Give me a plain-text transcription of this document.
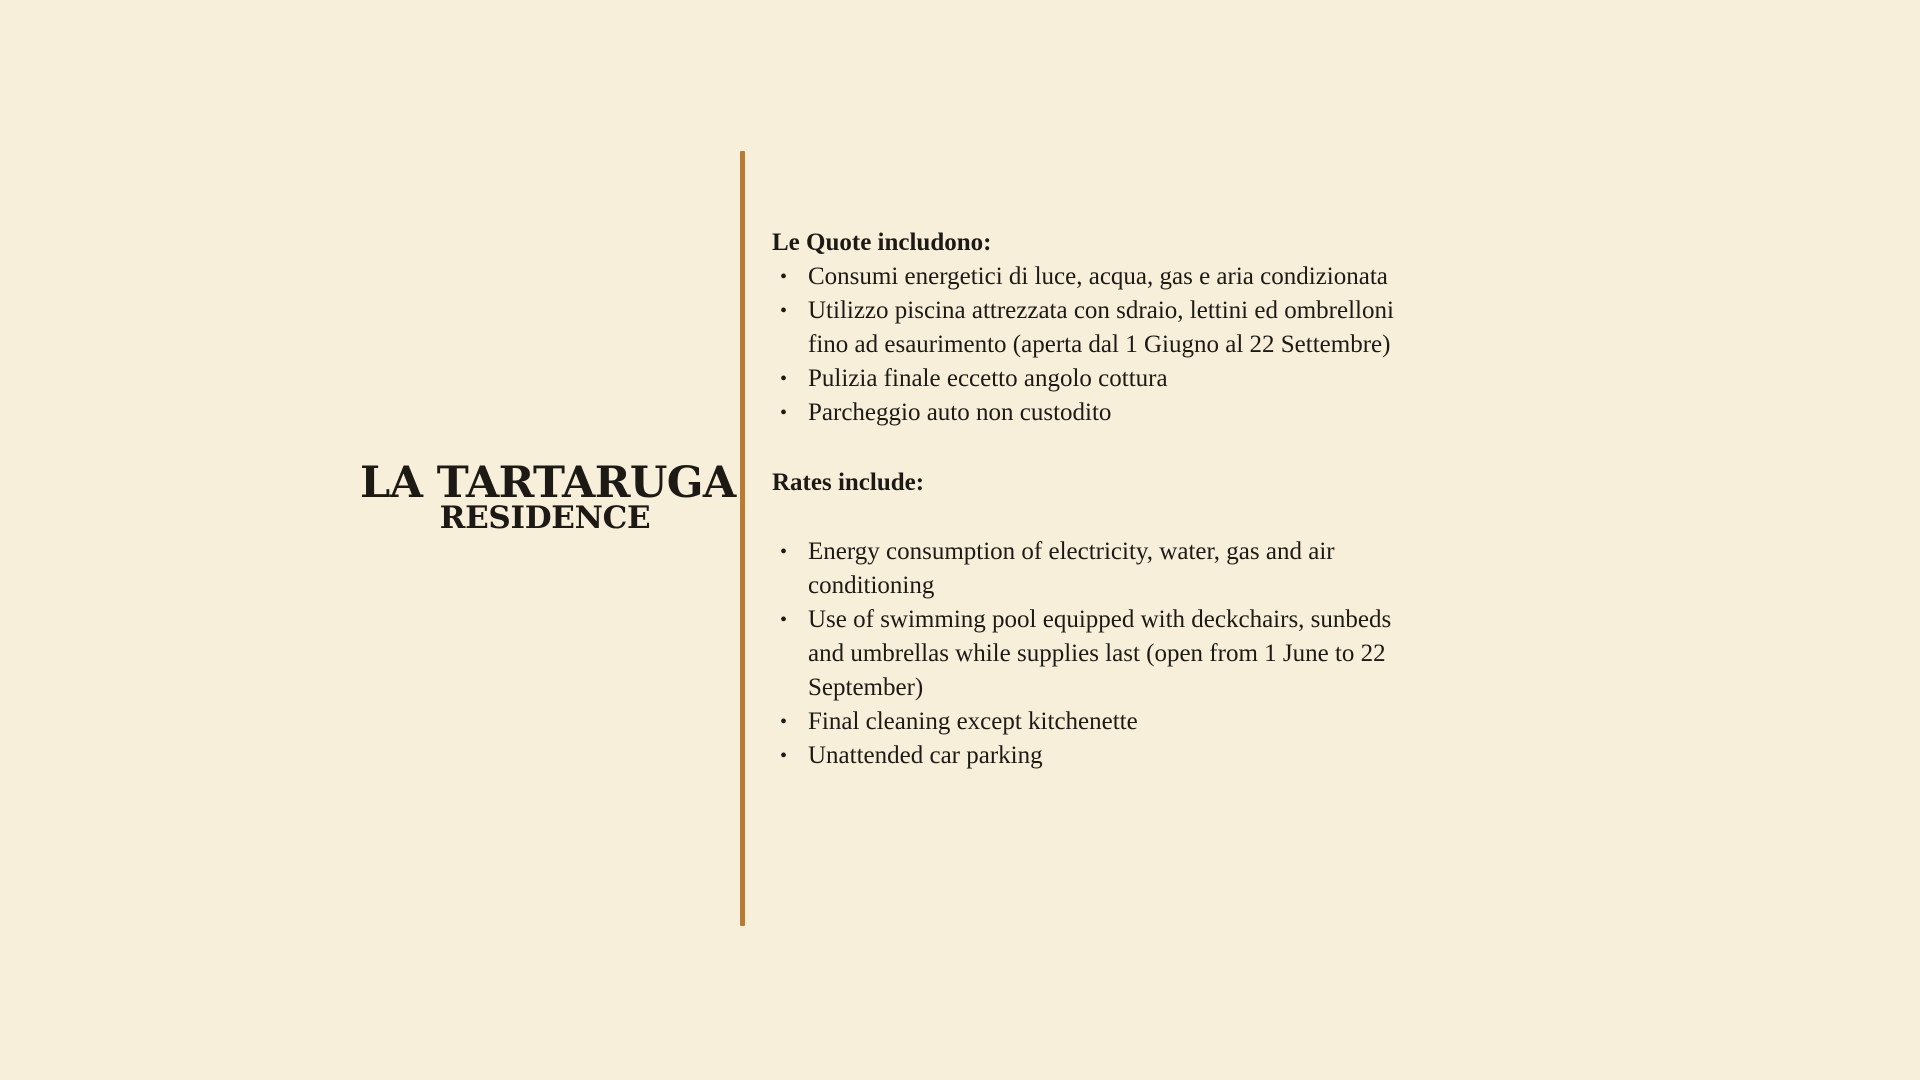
LA TARTARUGA
RESIDENCE
Le Quote includono:
• Consumi energetici di luce, acqua, gas e aria condizionata
• Utilizzo piscina attrezzata con sdraio, lettini ed ombrelloni fino ad esaurimento (aperta dal 1 Giugno al 22 Settembre)
• Pulizia finale eccetto angolo cottura
• Parcheggio auto non custodito
Rates include:
• Energy consumption of electricity, water, gas and air conditioning
• Use of swimming pool equipped with deckchairs, sunbeds and umbrellas while supplies last (open from 1 June to 22 September)
• Final cleaning except kitchenette
• Unattended car parking
